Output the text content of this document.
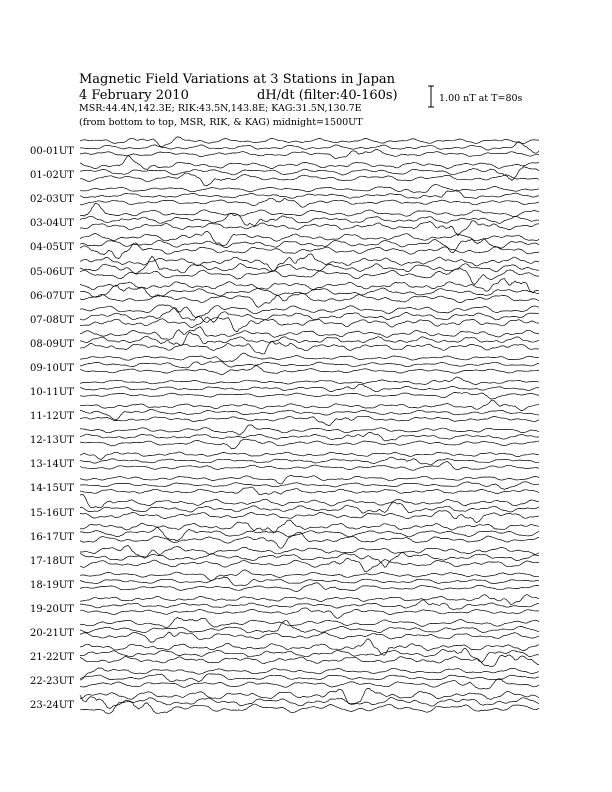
Magnetic Field Variations at 3 Stations in Japan
4 February 2010	dH/dt (filter:40-160s)
MSR:44.4N,142.3E; RIK:43.5N,143.8E; KAG:31.5N,130.7E
(from bottom to top, MSR, RIK, & KAG) midnight=1500UT
1.00 nT at T=80s
00-01UT
01-02UT
02-03UT
03-04UT
04-05UT
05-06UT
06-07UT
07-08UT
08-09UT
09-10UT
10-11UT
11-12UT
12-13UT
13-14UT
14-15UT
15-16UT
16-17UT
17-18UT
18-19UT
19-20UT
20-21UT
21-22UT
22-23UT
23-24UT
